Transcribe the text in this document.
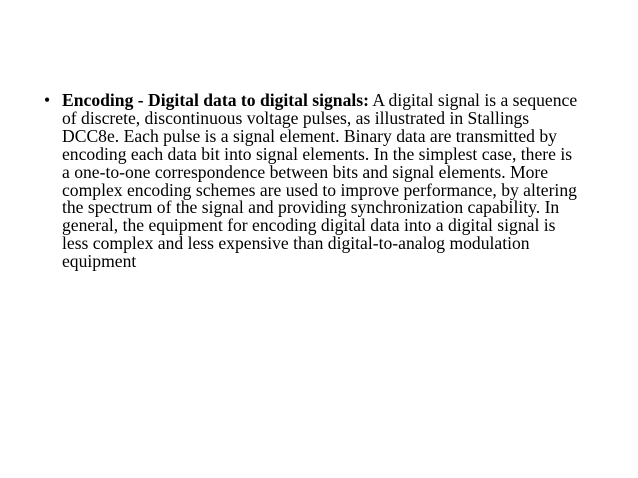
• Encoding - Digital data to digital signals: A digital signal is a sequence of discrete, discontinuous voltage pulses, as illustrated in Stallings DCC8e. Each pulse is a signal element. Binary data are transmitted by encoding each data bit into signal elements. In the simplest case, there is a one-to-one correspondence between bits and signal elements. More complex encoding schemes are used to improve performance, by altering the spectrum of the signal and providing synchronization capability. In general, the equipment for encoding digital data into a digital signal is less complex and less expensive than digital-to-analog modulation equipment
